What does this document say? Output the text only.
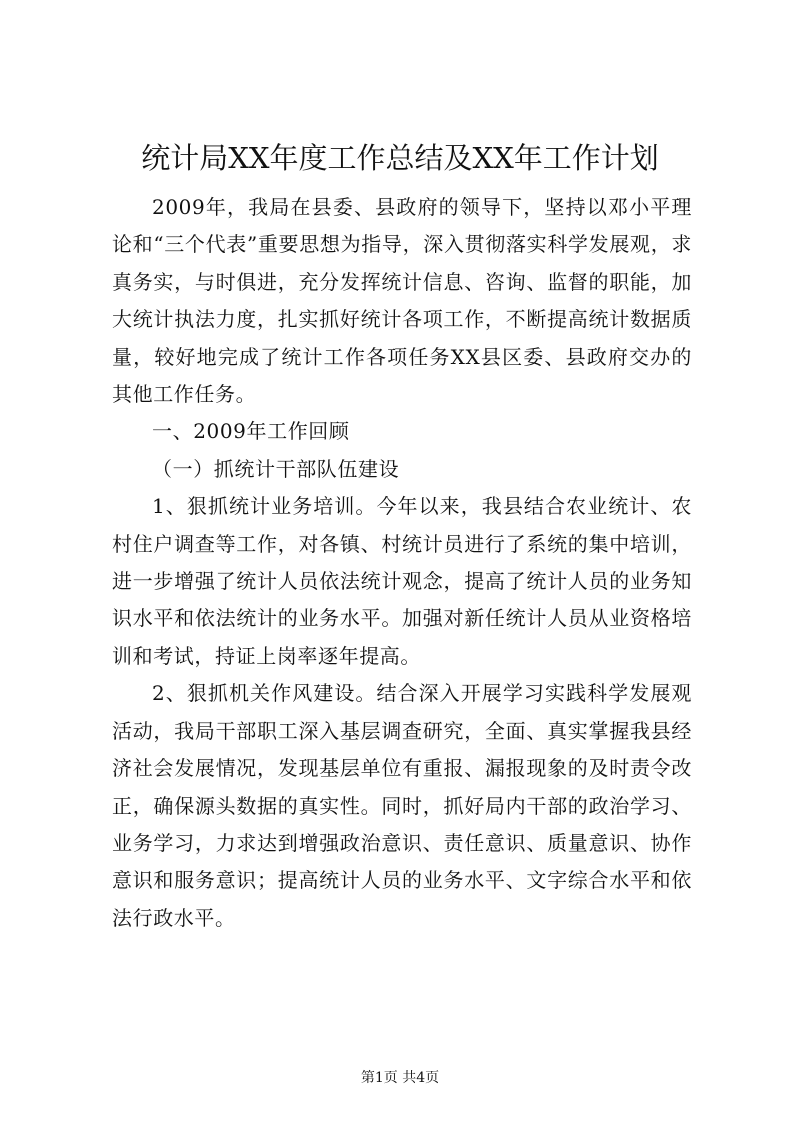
统计局XX年度工作总结及XX年工作计划

2009年，我局在县委、县政府的领导下，坚持以邓小平理论和“三个代表”重要思想为指导，深入贯彻落实科学发展观，求真务实，与时俱进，充分发挥统计信息、咨询、监督的职能，加大统计执法力度，扎实抓好统计各项工作，不断提高统计数据质量，较好地完成了统计工作各项任务XX县区委、县政府交办的其他工作任务。

一、2009年工作回顾

（一）抓统计干部队伍建设

1、狠抓统计业务培训。今年以来，我县结合农业统计、农村住户调查等工作，对各镇、村统计员进行了系统的集中培训，进一步增强了统计人员依法统计观念，提高了统计人员的业务知识水平和依法统计的业务水平。加强对新任统计人员从业资格培训和考试，持证上岗率逐年提高。

2、狠抓机关作风建设。结合深入开展学习实践科学发展观活动，我局干部职工深入基层调查研究，全面、真实掌握我县经济社会发展情况，发现基层单位有重报、漏报现象的及时责令改正，确保源头数据的真实性。同时，抓好局内干部的政治学习、业务学习，力求达到增强政治意识、责任意识、质量意识、协作意识和服务意识；提高统计人员的业务水平、文字综合水平和依法行政水平。

第1页 共4页
